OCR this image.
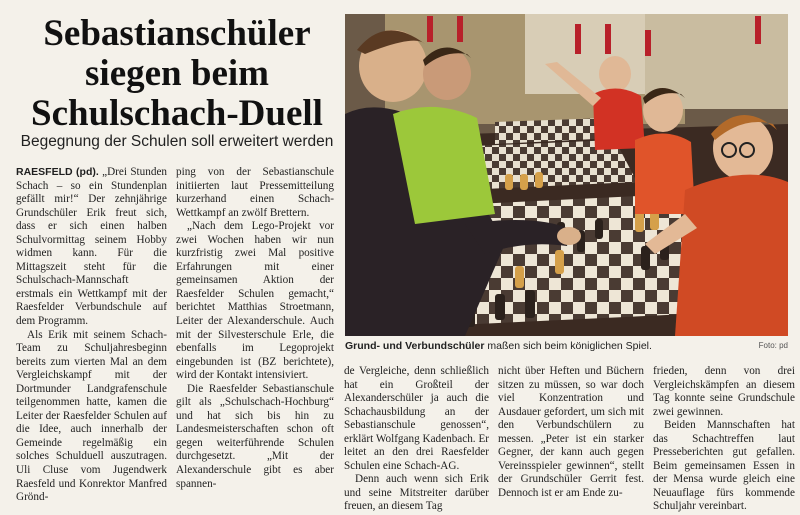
Sebastianschüler
siegen beim
Schulschach-Duell
Begegnung der Schulen soll erweitert werden

RAESFELD (pd). „Drei Stunden Schach – so ein Stundenplan gefällt mir!“ Der zehnjährige Grundschüler Erik freut sich, dass er sich einen halben Schulvormittag seinem Hobby widmen kann. Für die Mittagszeit steht für die Schulschach-Mannschaft erstmals ein Wettkampf mit der Raesfelder Verbundschule auf dem Programm.

Als Erik mit seinem Schach-Team zu Schuljahresbeginn bereits zum vierten Mal an dem Vergleichskampf mit der Dortmunder Landgrafenschule teilgenommen hatte, kamen die Leiter der Raesfelder Schulen auf die Idee, auch innerhalb der Gemeinde regelmäßig ein solches Schulduell auszutragen. Uli Cluse vom Jugendwerk Raesfeld und Konrektor Manfred Grönd-

ping von der Sebastianschule initiierten laut Pressemitteilung kurzerhand einen Schach-Wettkampf an zwölf Brettern.

„Nach dem Lego-Projekt vor zwei Wochen haben wir nun kurzfristig zwei Mal positive Erfahrungen mit einer gemeinsamen Aktion der Raesfelder Schulen gemacht,“ berichtet Matthias Stroetmann, Leiter der Alexanderschule. Auch mit der Silvesterschule Erle, die ebenfalls im Legoprojekt eingebunden ist (BZ berichtete), wird der Kontakt intensiviert.

Die Raesfelder Sebastianschule gilt als „Schulschach-Hochburg“ und hat sich bis hin zu Landesmeisterschaften schon oft gegen weiterführende Schulen durchgesetzt. „Mit der Alexanderschule gibt es aber spannen-

Grund- und Verbundschüler maßen sich beim königlichen Spiel.	Foto: pd

de Vergleiche, denn schließlich hat ein Großteil der Alexanderschüler ja auch die Schachausbildung an der Sebastianschule genossen“, erklärt Wolfgang Kadenbach. Er leitet an den drei Raesfelder Schulen eine Schach-AG.

Denn auch wenn sich Erik und seine Mitstreiter darüber freuen, an diesem Tag

nicht über Heften und Büchern sitzen zu müssen, so war doch viel Konzentration und Ausdauer gefordert, um sich mit den Verbundschülern zu messen. „Peter ist ein starker Gegner, der kann auch gegen Vereinsspieler gewinnen“, stellt der Grundschüler Gerrit fest. Dennoch ist er am Ende zu-

frieden, denn von drei Vergleichskämpfen an diesem Tag konnte seine Grundschule zwei gewinnen.

Beiden Mannschaften hat das Schachtreffen laut Presseberichten gut gefallen. Beim gemeinsamen Essen in der Mensa wurde gleich eine Neuauflage fürs kommende Schuljahr vereinbart.
